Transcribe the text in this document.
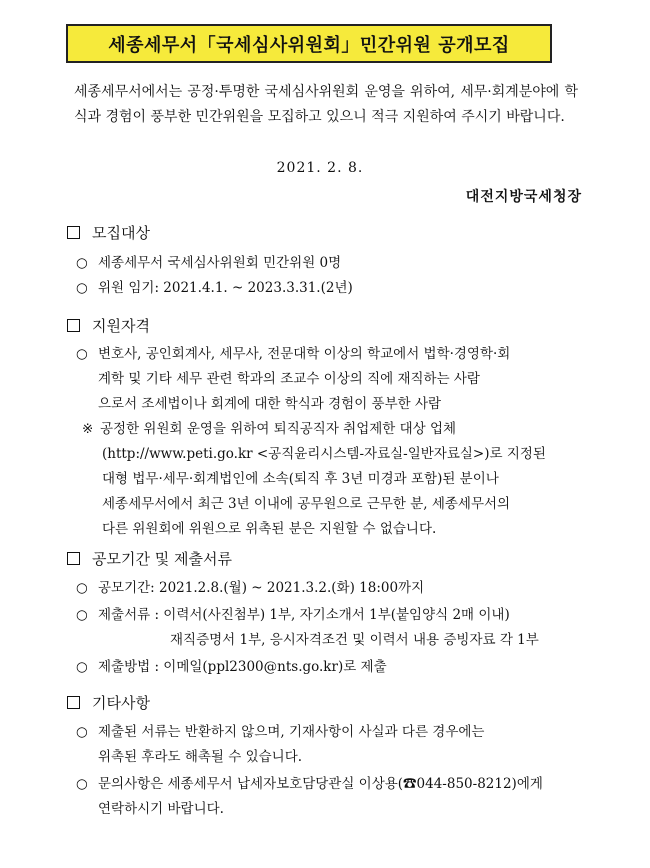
세종세무서「국세심사위원회」민간위원 공개모집
세종세무서에서는 공정·투명한 국세심사위원회 운영을 위하여, 세무·회계분야에 학식과 경험이 풍부한 민간위원을 모집하고 있으니 적극 지원하여 주시기 바랍니다.
2021. 2. 8.
대전지방국세청장
모집대상
○ 세종세무서 국세심사위원회 민간위원 0명
○ 위원 임기: 2021.4.1. ~ 2023.3.31.(2년)
지원자격
○ 변호사, 공인회계사, 세무사, 전문대학 이상의 학교에서 법학·경영학·회
계학 및 기타 세무 관련 학과의 조교수 이상의 직에 재직하는 사람
으로서 조세법이나 회계에 대한 학식과 경험이 풍부한 사람
※ 공정한 위원회 운영을 위하여 퇴직공직자 취업제한 대상 업체
(http://www.peti.go.kr <공직윤리시스템-자료실-일반자료실>)로 지정된
대형 법무·세무·회계법인에 소속(퇴직 후 3년 미경과 포함)된 분이나
세종세무서에서 최근 3년 이내에 공무원으로 근무한 분, 세종세무서의
다른 위원회에 위원으로 위촉된 분은 지원할 수 없습니다.
공모기간 및 제출서류
○ 공모기간: 2021.2.8.(월) ~ 2021.3.2.(화) 18:00까지
○ 제출서류 : 이력서(사진첨부) 1부, 자기소개서 1부(붙임양식 2매 이내)
재직증명서 1부, 응시자격조건 및 이력서 내용 증빙자료 각 1부
○ 제출방법 : 이메일(ppl2300@nts.go.kr)로 제출
기타사항
○ 제출된 서류는 반환하지 않으며, 기재사항이 사실과 다른 경우에는
위촉된 후라도 해촉될 수 있습니다.
○ 문의사항은 세종세무서 납세자보호담당관실 이상용(☎044-850-8212)에게
연락하시기 바랍니다.
